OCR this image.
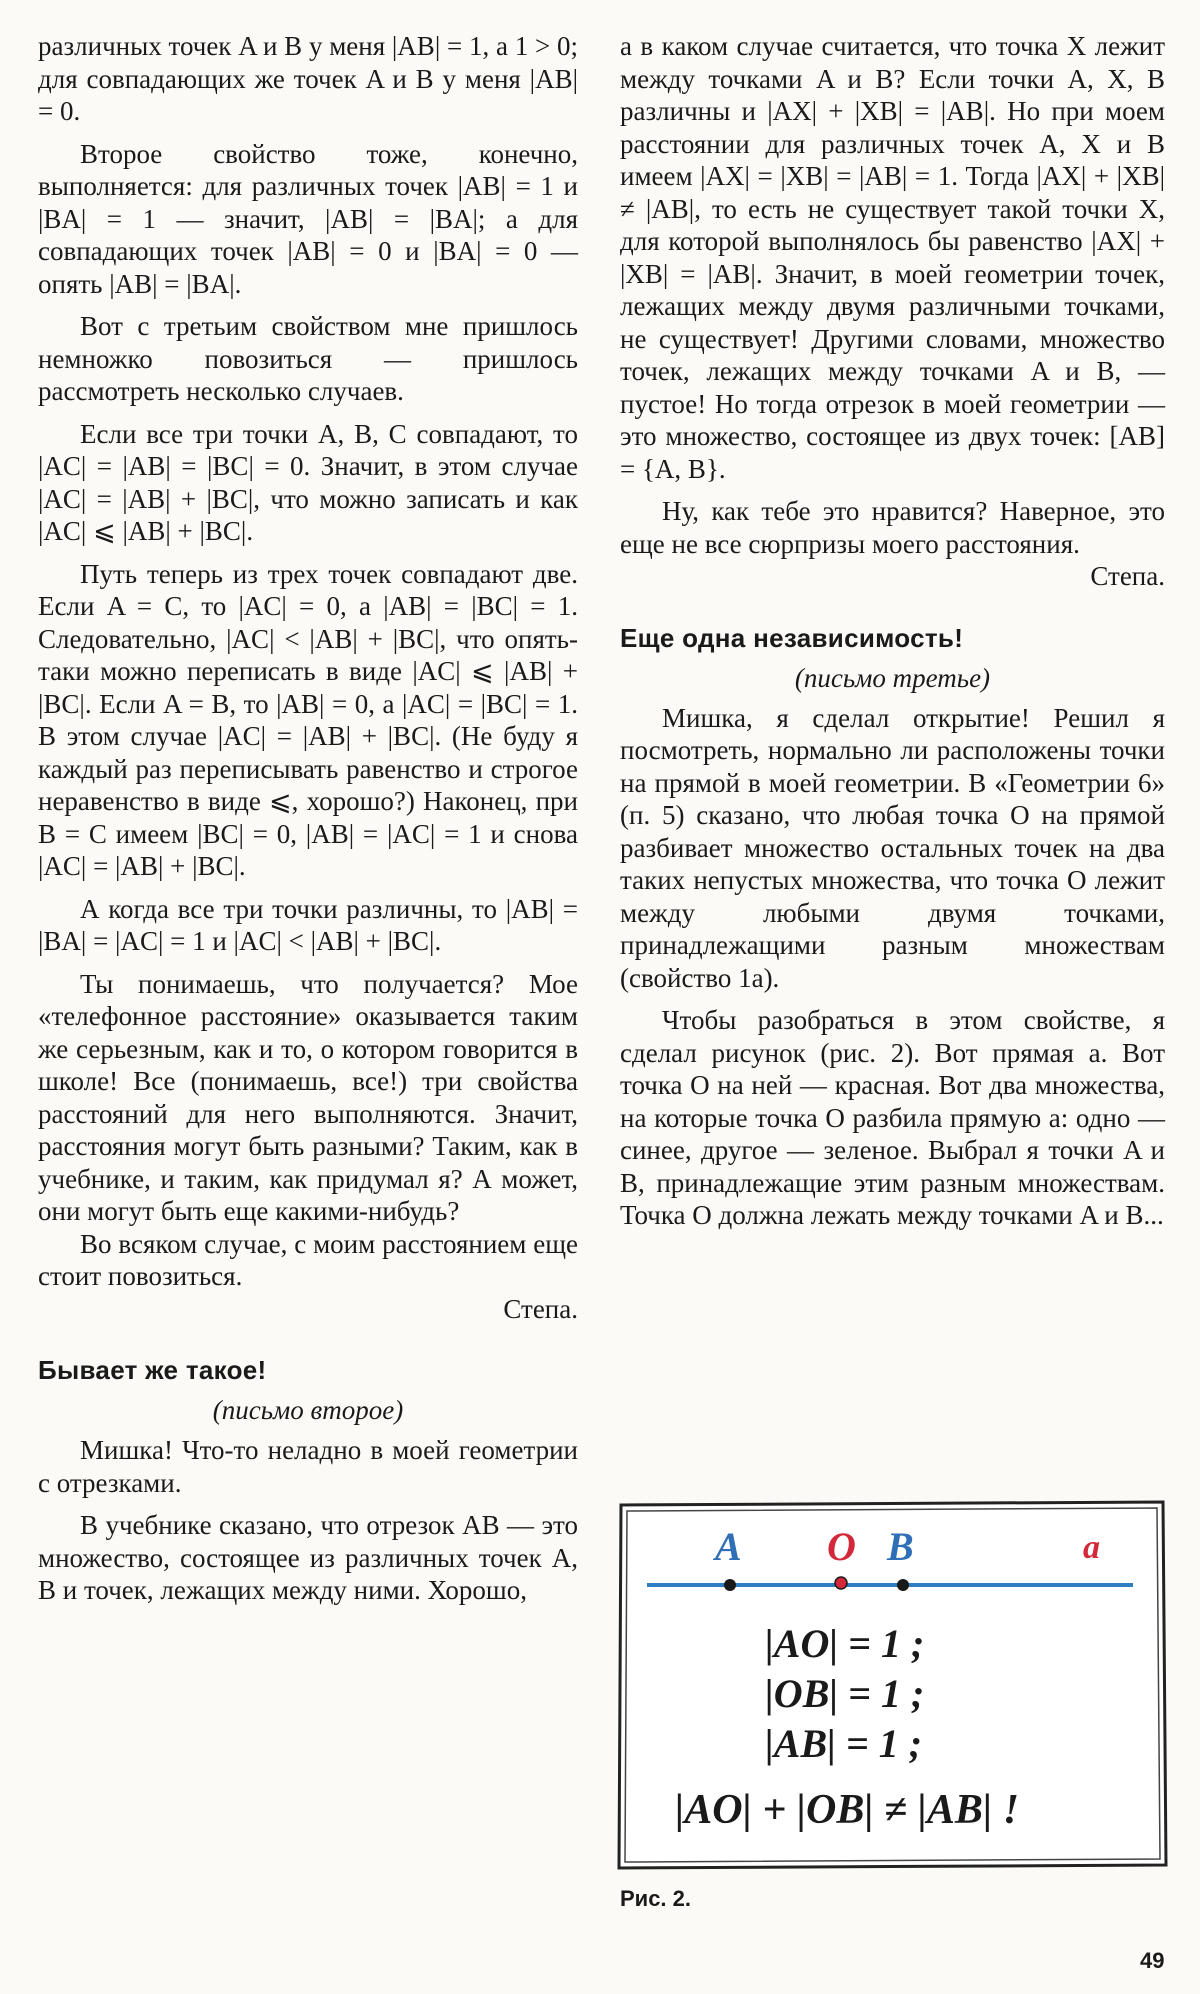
различных точек A и B у меня |AB| = 1, а 1 > 0; для совпадающих же точек A и B у меня |AB| = 0.

Второе свойство тоже, конечно, выполняется: для различных точек |AB| = 1 и |BA| = 1 — значит, |AB| = |BA|; а для совпадающих точек |AB| = 0 и |BA| = 0 — опять |AB| = |BA|.

Вот с третьим свойством мне пришлось немножко повозиться — пришлось рассмотреть несколько случаев.

Если все три точки A, B, C совпадают, то |AC| = |AB| = |BC| = 0. Значит, в этом случае |AC| = |AB| + |BC|, что можно записать и как |AC| ⩽ |AB| + |BC|.

Путь теперь из трех точек совпадают две. Если A = C, то |AC| = 0, а |AB| = |BC| = 1. Следовательно, |AC| < |AB| + |BC|, что опять-таки можно переписать в виде |AC| ⩽ |AB| + |BC|. Если A = B, то |AB| = 0, а |AC| = |BC| = 1. В этом случае |AC| = |AB| + |BC|. (Не буду я каждый раз переписывать равенство и строгое неравенство в виде ⩽, хорошо?) Наконец, при B = C имеем |BC| = 0, |AB| = |AC| = 1 и снова |AC| = |AB| + |BC|.

А когда все три точки различны, то |AB| = |BA| = |AC| = 1 и |AC| < |AB| + |BC|.

Ты понимаешь, что получается? Мое «телефонное расстояние» оказывается таким же серьезным, как и то, о котором говорится в школе! Все (понимаешь, все!) три свойства расстояний для него выполняются. Значит, расстояния могут быть разными? Таким, как в учебнике, и таким, как придумал я? А может, они могут быть еще какими-нибудь?

Во всяком случае, с моим расстоянием еще стоит повозиться.

Степа.

Бывает же такое!
(письмо второе)

Мишка! Что-то неладно в моей геометрии с отрезками.

В учебнике сказано, что отрезок AB — это множество, состоящее из различных точек A, B и точек, лежащих между ними. Хорошо,

а в каком случае считается, что точка X лежит между точками A и B? Если точки A, X, B различны и |AX| + |XB| = |AB|. Но при моем расстоянии для различных точек A, X и B имеем |AX| = |XB| = |AB| = 1. Тогда |AX| + |XB| ≠ |AB|, то есть не существует такой точки X, для которой выполнялось бы равенство |AX| + |XB| = |AB|. Значит, в моей геометрии точек, лежащих между двумя различными точками, не существует! Другими словами, множество точек, лежащих между точками A и B, — пустое! Но тогда отрезок в моей геометрии — это множество, состоящее из двух точек: [AB] = {A, B}.

Ну, как тебе это нравится? Наверное, это еще не все сюрпризы моего расстояния.

Степа.

Еще одна независимость!
(письмо третье)

Мишка, я сделал открытие! Решил я посмотреть, нормально ли расположены точки на прямой в моей геометрии. В «Геометрии 6» (п. 5) сказано, что любая точка O на прямой разбивает множество остальных точек на два таких непустых множества, что точка O лежит между любыми двумя точками, принадлежащими разным множествам (свойство 1а).

Чтобы разобраться в этом свойстве, я сделал рисунок (рис. 2). Вот прямая a. Вот точка O на ней — красная. Вот два множества, на которые точка O разбила прямую a: одно — синее, другое — зеленое. Выбрал я точки A и B, принадлежащие этим разным множествам. Точка O должна лежать между точками A и B...

A O B	a
|AO| = 1 ;
|OB| = 1 ;
|AB| = 1 ;
|AO| + |OB| ≠ |AB| !
Рис. 2.
49
